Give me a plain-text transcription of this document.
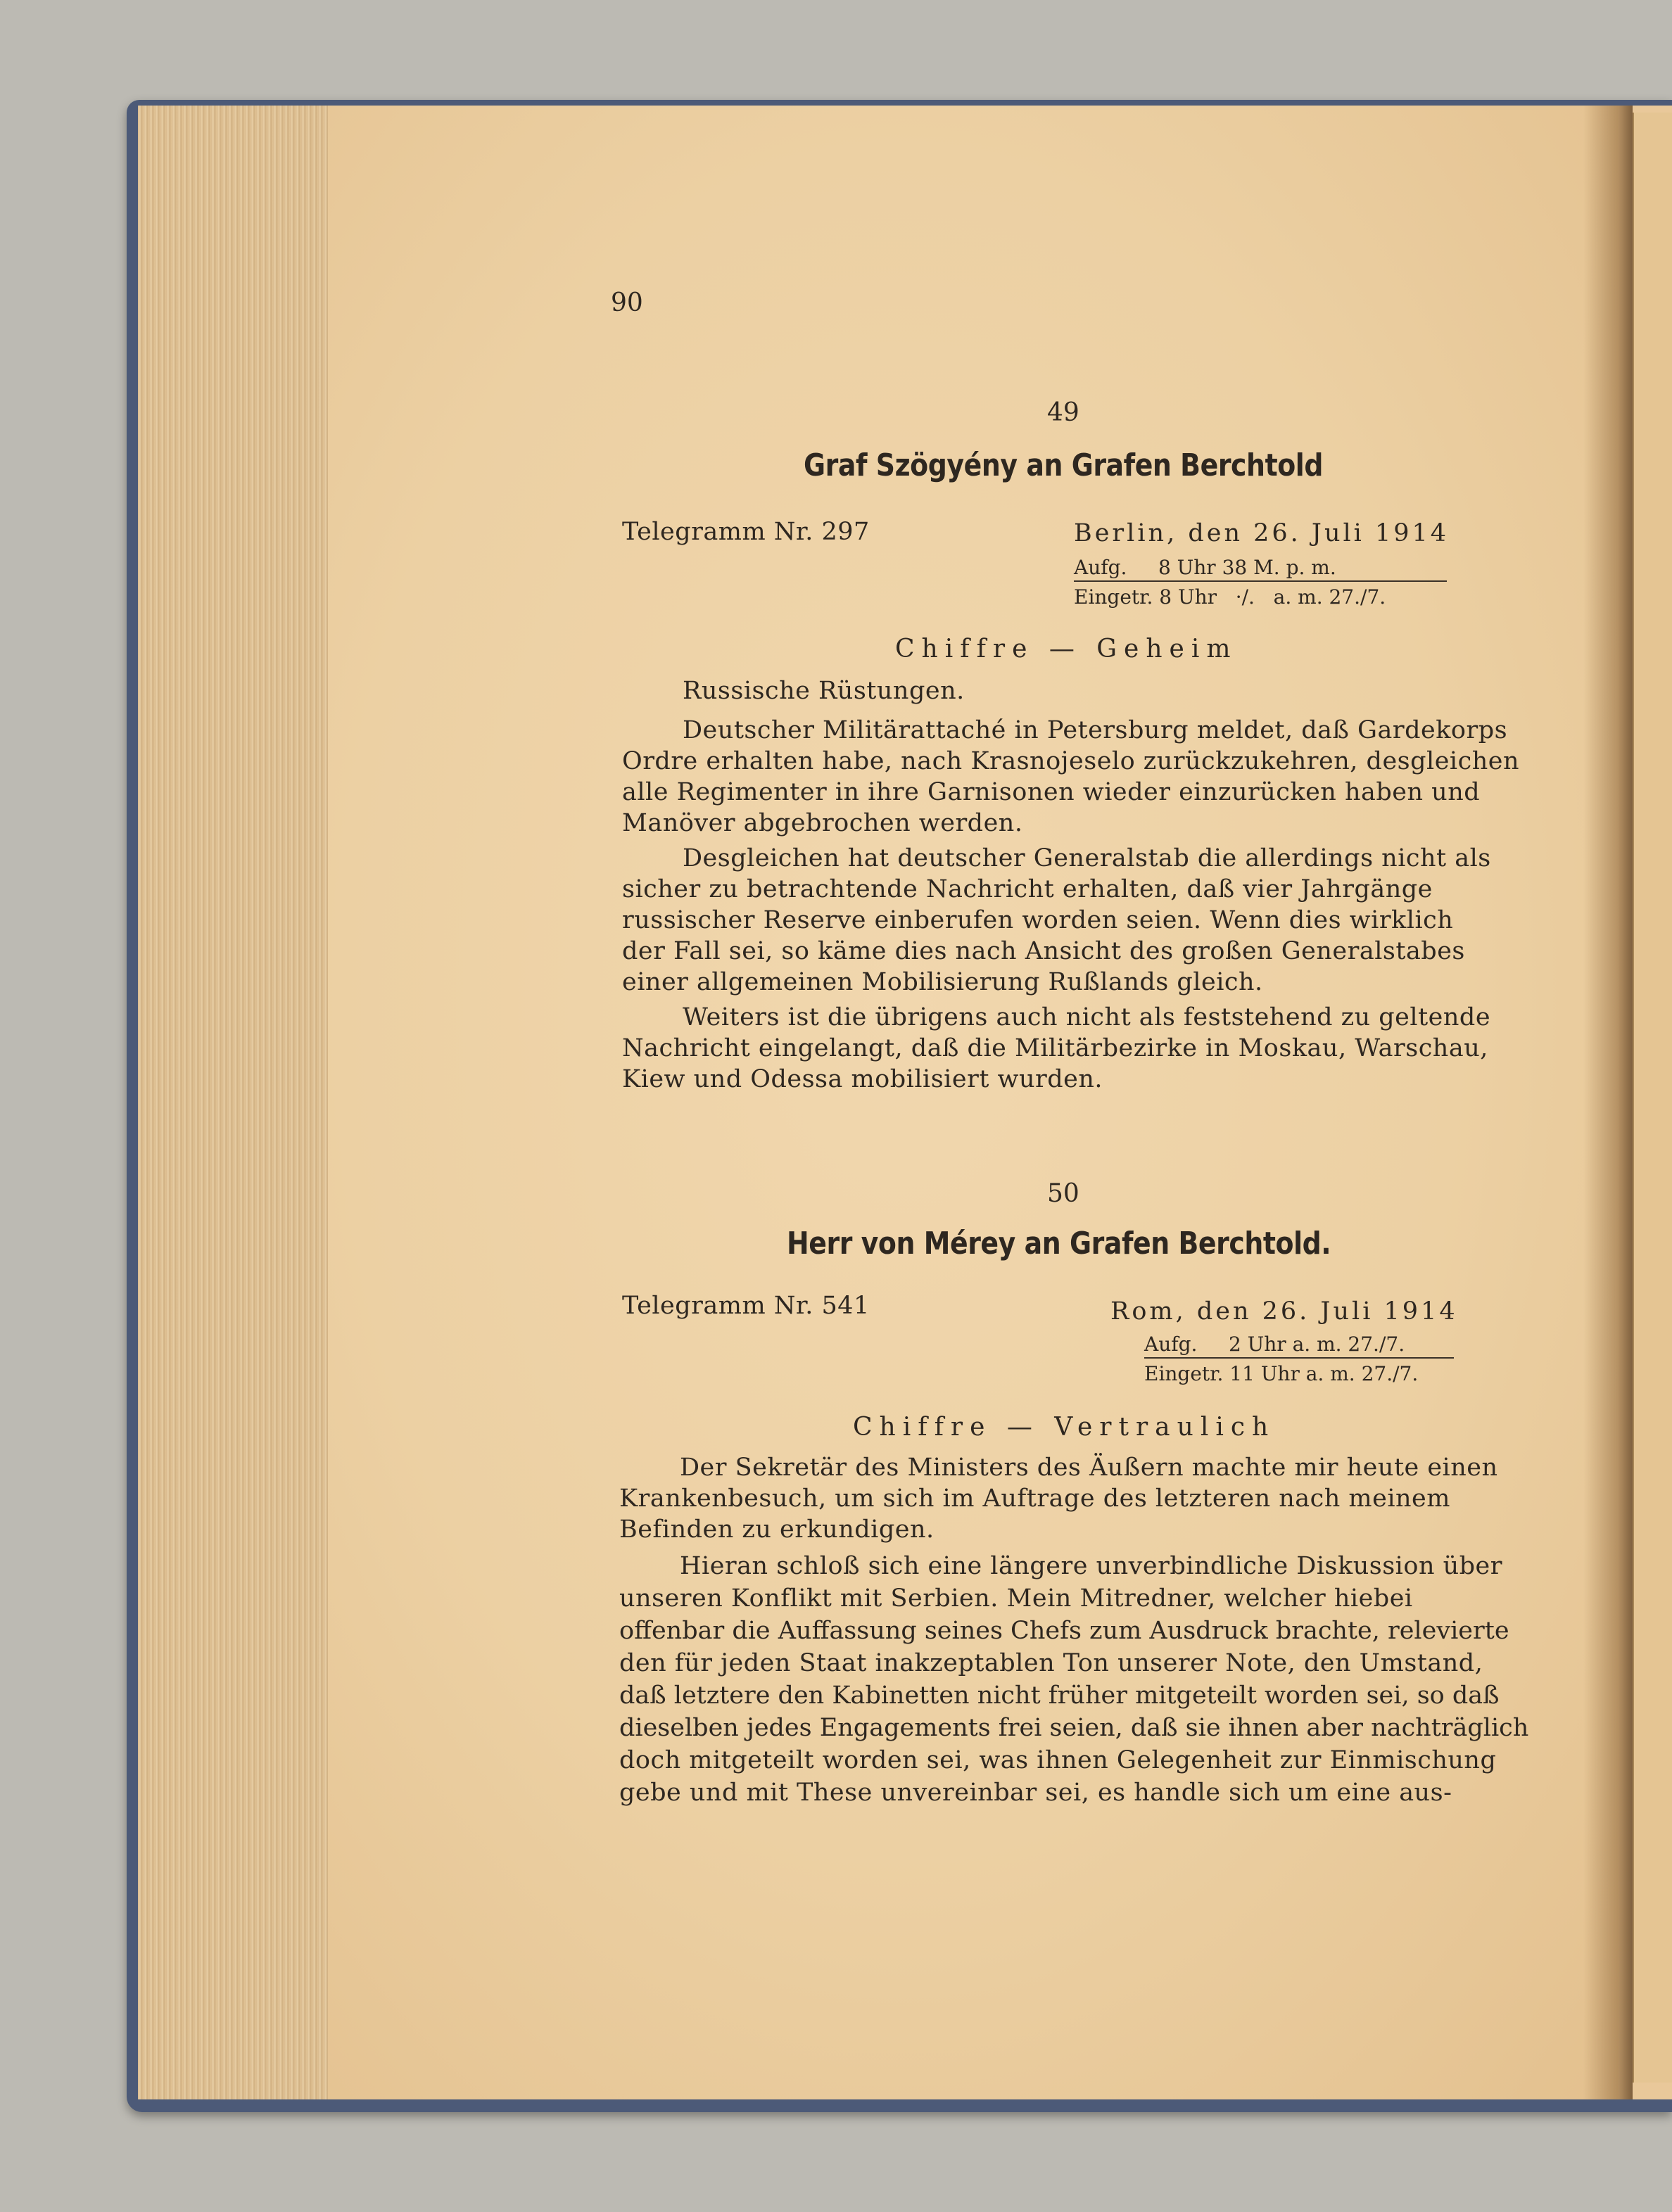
90

49

Graf Szögyény an Grafen Berchtold

Telegramm Nr. 297	Berlin, den 26. Juli 1914

Aufg.     8 Uhr 38 M. p. m.

Eingetr. 8 Uhr   ·/.   a. m. 27./7.

Chiffre — Geheim

Russische Rüstungen.

Deutscher Militärattaché in Petersburg meldet, daß Gardekorps

Ordre erhalten habe, nach Krasnojeselo zurückzukehren, desgleichen

alle Regimenter in ihre Garnisonen wieder einzurücken haben und

Manöver abgebrochen werden.

Desgleichen hat deutscher Generalstab die allerdings nicht als

sicher zu betrachtende Nachricht erhalten, daß vier Jahrgänge

russischer Reserve einberufen worden seien. Wenn dies wirklich

der Fall sei, so käme dies nach Ansicht des großen Generalstabes

einer allgemeinen Mobilisierung Rußlands gleich.

Weiters ist die übrigens auch nicht als feststehend zu geltende

Nachricht eingelangt, daß die Militärbezirke in Moskau, Warschau,

Kiew und Odessa mobilisiert wurden.

50

Herr von Mérey an Grafen Berchtold.

Telegramm Nr. 541	Rom, den 26. Juli 1914

Aufg.     2 Uhr a. m. 27./7.

Eingetr. 11 Uhr a. m. 27./7.

Chiffre — Vertraulich

Der Sekretär des Ministers des Äußern machte mir heute einen

Krankenbesuch, um sich im Auftrage des letzteren nach meinem

Befinden zu erkundigen.

Hieran schloß sich eine längere unverbindliche Diskussion über

unseren Konflikt mit Serbien. Mein Mitredner, welcher hiebei

offenbar die Auffassung seines Chefs zum Ausdruck brachte, relevierte

den für jeden Staat inakzeptablen Ton unserer Note, den Umstand,

daß letztere den Kabinetten nicht früher mitgeteilt worden sei, so daß

dieselben jedes Engagements frei seien, daß sie ihnen aber nachträglich

doch mitgeteilt worden sei, was ihnen Gelegenheit zur Einmischung

gebe und mit These unvereinbar sei, es handle sich um eine aus-
